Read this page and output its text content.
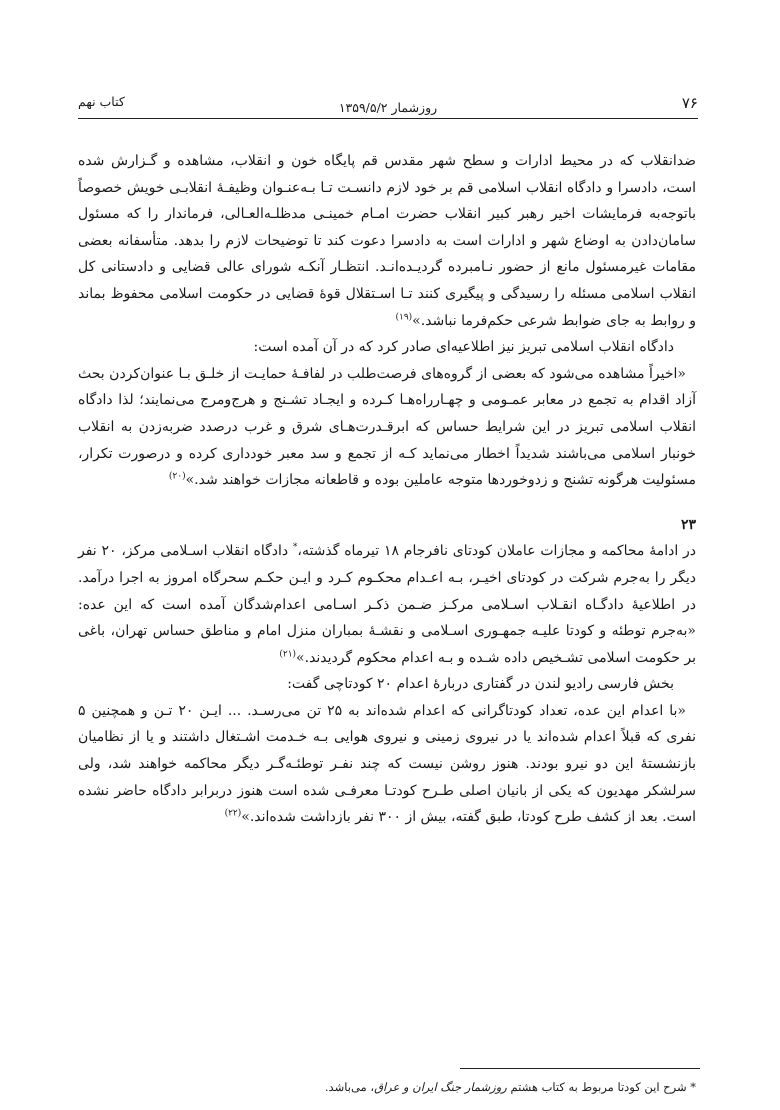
۷۶
روزشمار ۱۳۵۹/۵/۲
کتاب نهم

ضدانقلاب که در محیط ادارات و سطح شهر مقدس قم پایگاه خون و انقلاب، مشاهده و گـزارش شده است، دادسرا و دادگاه انقلاب اسلامی قم بر خود لازم دانسـت تـا بـه‌عنـوان وظیفـهٔ انقلابـی خویش خصوصاً باتوجه‌به فرمایشات اخیر رهبر کبیر انقلاب حضرت امـام خمینـی مدظلـه‌العـالی، فرماندار را که مسئول سامان‌دادن به اوضاع شهر و ادارات است به دادسرا دعوت کند تا توضیحات لازم را بدهد. متأسفانه بعضی مقامات غیرمسئول مانع از حضور نـامبرده گردیـده‌انـد. انتظـار آنکـه شورای عالی قضایی و دادستانی کل انقلاب اسلامی مسئله را رسیدگی و پیگیری کنند تـا اسـتقلال قوهٔ قضایی در حکومت اسلامی محفوظ بماند و روابط به جای ضوابط شرعی حکم‌فرما نباشد.»$^{(۱۹)}$

دادگاه انقلاب اسلامی تبریز نیز اطلاعیه‌ای صادر کرد که در آن آمده است:

«اخیراً مشاهده می‌شود که بعضی از گروه‌های فرصت‌طلب در لفافـهٔ حمایـت از خلـق بـا عنوان‌کردن بحث آزاد اقدام به تجمع در معابر عمـومی و چهـارراه‌هـا کـرده و ایجـاد تشـنج و هرج‌ومرج می‌نمایند؛ لذا دادگاه انقلاب اسلامی تبریز در این شرایط حساس که ابرقـدرت‌هـای شرق و غرب درصدد ضربه‌زدن به انقلاب خونبار اسلامی می‌باشند شدیداً اخطار می‌نماید کـه از تجمع و سد معبر خودداری کرده و درصورت تکرار، مسئولیت هرگونه تشنج و زدوخوردها متوجه عاملین بوده و قاطعانه مجازات خواهند شد.»$^{(۲۰)}$

۲۳

در ادامهٔ محاکمه و مجازات عاملان کودتای نافرجام ۱۸ تیرماه گذشته،* دادگاه انقلاب اسـلامی مرکز، ۲۰ نفر دیگر را به‌جرم شرکت در کودتای اخیـر، بـه اعـدام محکـوم کـرد و ایـن حکـم سحرگاه امروز به اجرا درآمد. در اطلاعیهٔ دادگـاه انقـلاب اسـلامی مرکـز ضـمن ذکـر اسـامی اعدام‌شدگان آمده است که این عده: «به‌جرم توطئه و کودتا علیـه جمهـوری اسـلامی و نقشـهٔ بمباران منزل امام و مناطق حساس تهران، باغی بر حکومت اسلامی تشـخیص داده شـده و بـه اعدام محکوم گردیدند.»$^{(۲۱)}$

بخش فارسی رادیو لندن در گفتاری دربارهٔ اعدام ۲۰ کودتاچی گفت:

«با اعدام این عده، تعداد کودتاگرانی که اعدام شده‌اند به ۲۵ تن می‌رسـد. ... ایـن ۲۰ تـن و همچنین ۵ نفری که قبلاً اعدام شده‌اند یا در نیروی زمینی و نیروی هوایی بـه خـدمت اشـتغال داشتند و یا از نظامیان بازنشستهٔ این دو نیرو بودند. هنوز روشن نیست که چند نفـر توطئـه‌گـر دیگر محاکمه خواهند شد، ولی سرلشکر مهدیون که یکی از بانیان اصلی طـرح کودتـا معرفـی شده است هنوز دربرابر دادگاه حاضر نشده است. بعد از کشف طرح کودتا، طبق گفته، بیش از ۳۰۰ نفر بازداشت شده‌اند.»$^{(۲۲)}$

* شرح این کودتا مربوط به کتاب هشتم روزشمار جنگ ایران و عراق، می‌باشد.
